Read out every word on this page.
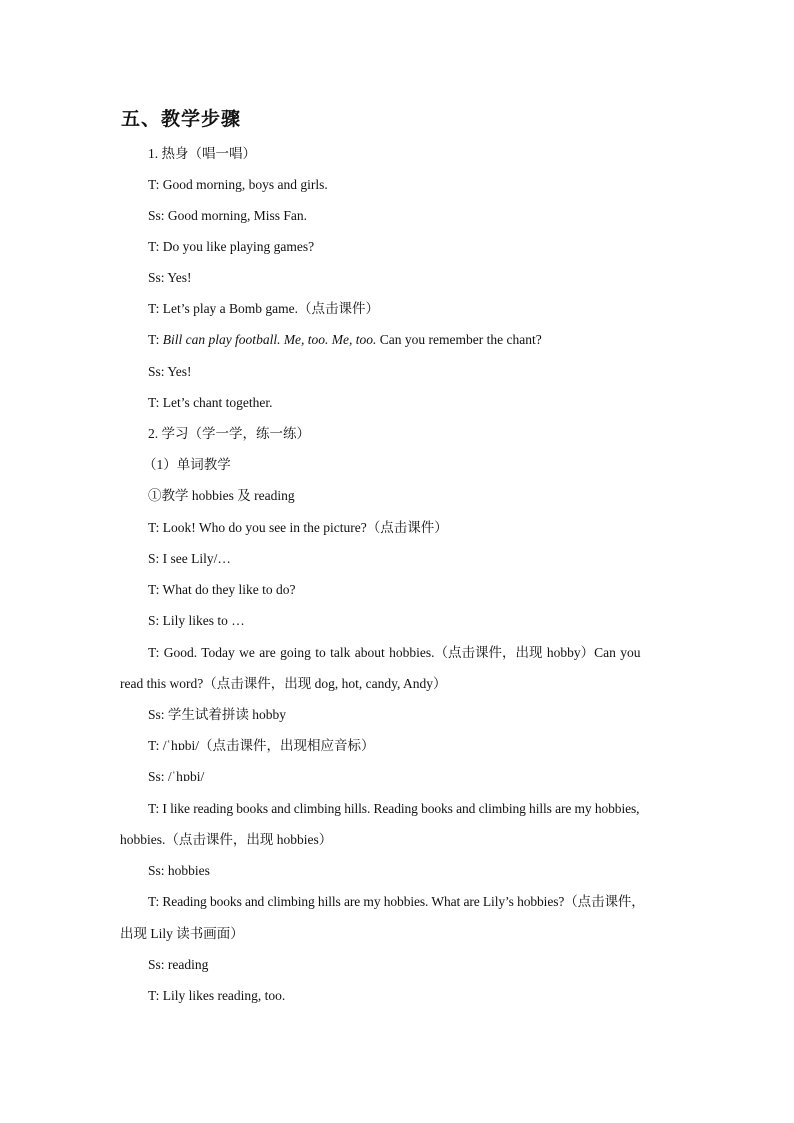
五、教学步骤
1. 热身（唱一唱）
T: Good morning, boys and girls.
Ss: Good morning, Miss Fan.
T: Do you like playing games?
Ss: Yes!
T: Let’s play a Bomb game.（点击课件）
T: Bill can play football. Me, too. Me, too. Can you remember the chant?
Ss: Yes!
T: Let’s chant together.
2. 学习（学一学，练一练）
（1）单词教学
①教学 hobbies 及 reading
T: Look! Who do you see in the picture?（点击课件）
S: I see Lily/…
T: What do they like to do?
S: Lily likes to …
T: Good. Today we are going to talk about hobbies.（点击课件，出现 hobby）Can you
read this word?（点击课件，出现 dog, hot, candy, Andy）
Ss: 学生试着拼读 hobby
T: /ˈhɒbi/（点击课件，出现相应音标）
Ss: /ˈhɒbi/
T: I like reading books and climbing hills. Reading books and climbing hills are my hobbies,
hobbies.（点击课件，出现 hobbies）
Ss: hobbies
T: Reading books and climbing hills are my hobbies. What are Lily’s hobbies?（点击课件，
出现 Lily 读书画面）
Ss: reading
T: Lily likes reading, too.
